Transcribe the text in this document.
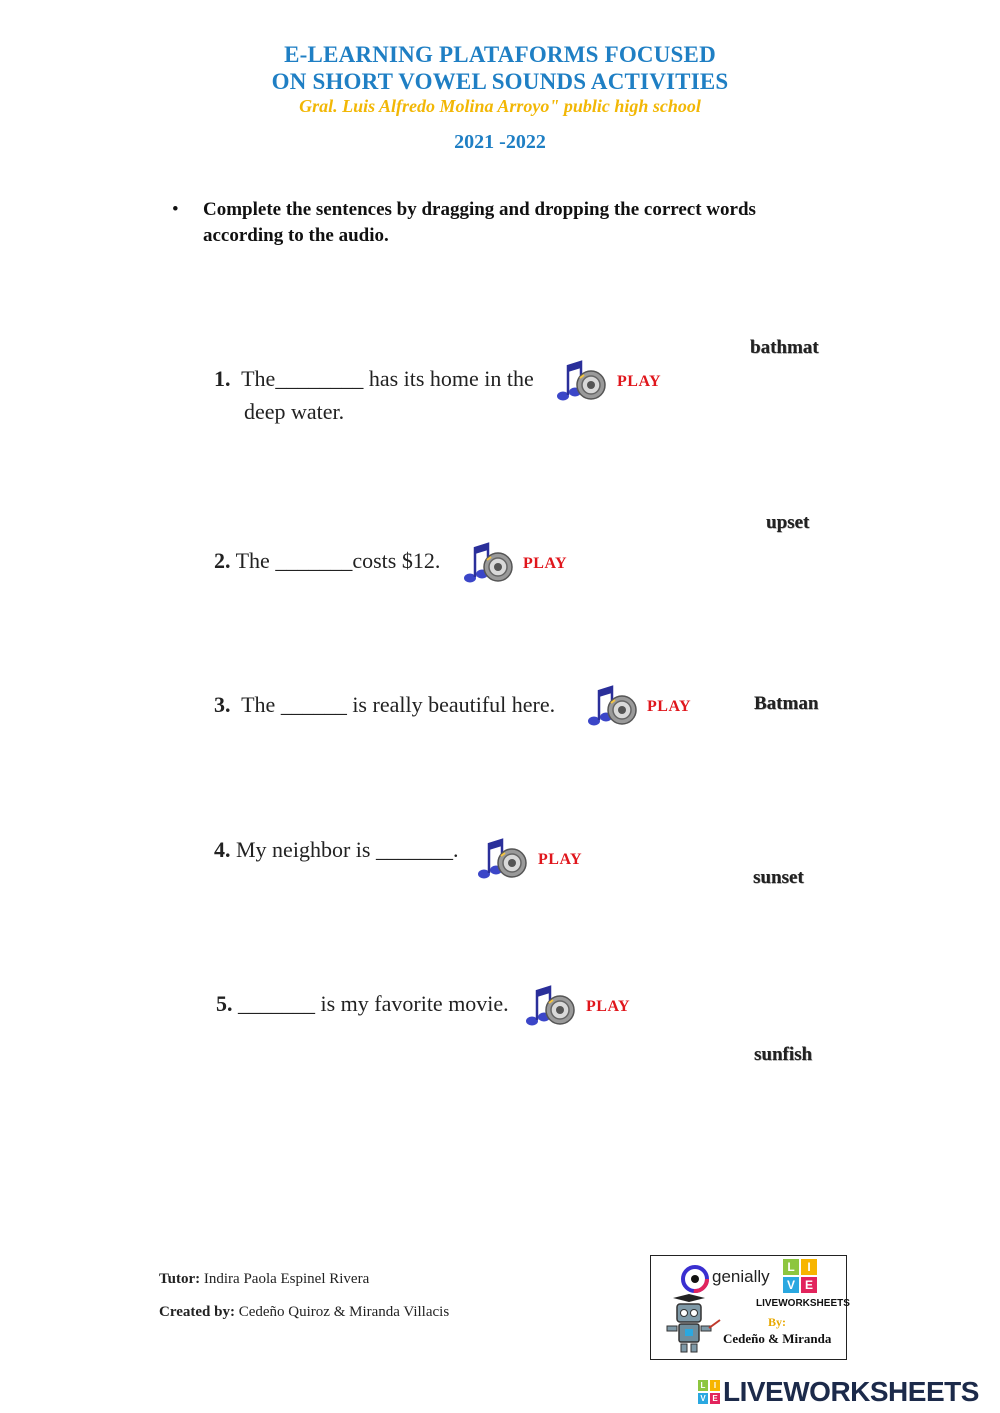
E-LEARNING PLATAFORMS FOCUSED
ON SHORT VOWEL SOUNDS ACTIVITIES
Gral. Luis Alfredo Molina Arroyo" public high school
2021 -2022
• Complete the sentences by dragging and dropping the correct words
according to the audio.
1. The________ has its home in the
deep water.
PLAY
2. The _______costs $12.	PLAY
3. The ______ is really beautiful here.	PLAY
4. My neighbor is _______.	PLAY
5. _______ is my favorite movie.	PLAY
bathmat
upset
Batman
sunset
sunfish
Tutor: Indira Paola Espinel Rivera
Created by: Cedeño Quiroz & Miranda Villacis
genially	L	I
V E
LIVEWORKSHEETS
By:
Cedeño & Miranda
L	I
V E LIVEWORKSHEETS
